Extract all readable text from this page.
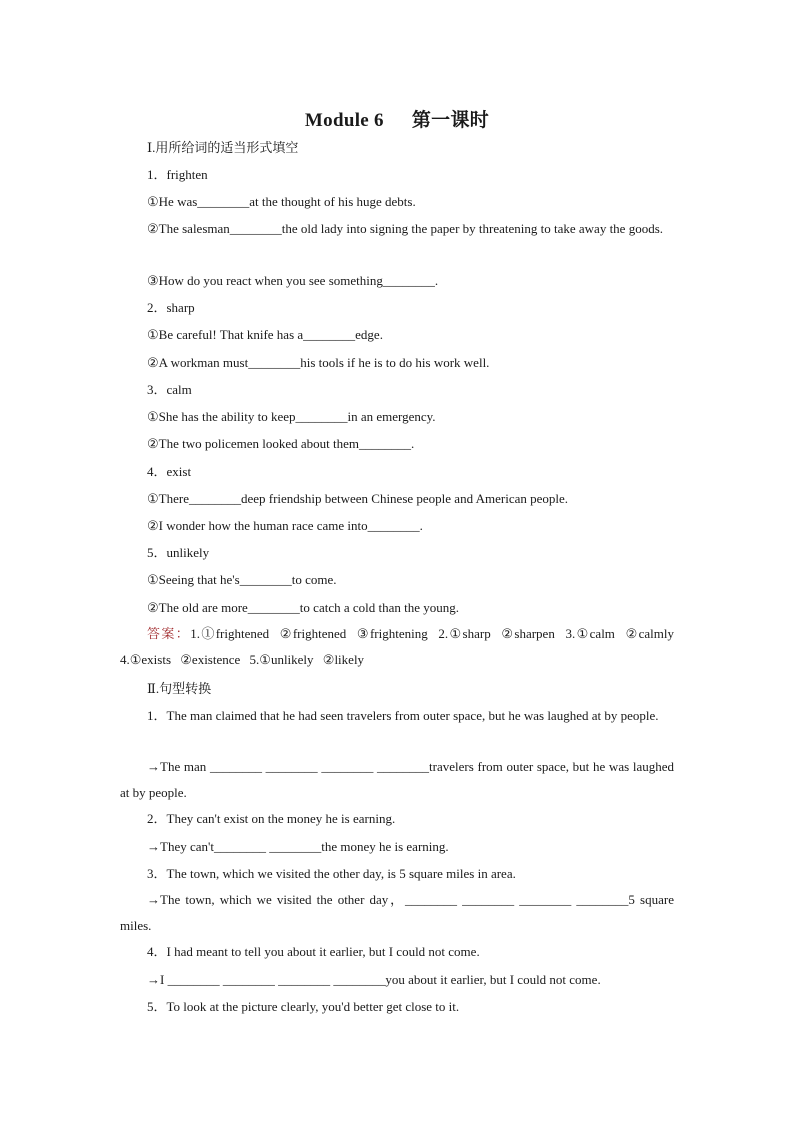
Module 6 第一课时
Ⅰ.用所给词的适当形式填空
1．frighten
①He was________at the thought of his huge debts.
②The salesman________the old lady into signing the paper by threatening to take away the goods.
③How do you react when you see something________.
2．sharp
①Be careful! That knife has a________edge.
②A workman must________his tools if he is to do his work well.
3．calm
①She has the ability to keep________in an emergency.
②The two policemen looked about them________.
4．exist
①There________deep friendship between Chinese people and American people.
②I wonder how the human race came into________.
5．unlikely
①Seeing that he's________to come.
②The old are more________to catch a cold than the young.
答案：1.①frightened ②frightened ③frightening 2.①sharp ②sharpen 3.①calm ②calmly 4.①exists ②existence 5.①unlikely ②likely
Ⅱ.句型转换
1．The man claimed that he had seen travelers from outer space, but he was laughed at by people.
→The man ________ ________ ________ ________travelers from outer space, but he was laughed at by people.
2．They can't exist on the money he is earning.
→They can't________ ________the money he is earning.
3．The town, which we visited the other day, is 5 square miles in area.
→The town, which we visited the other day，________ ________ ________ ________5 square miles.
4．I had meant to tell you about it earlier, but I could not come.
→I ________ ________ ________ ________you about it earlier, but I could not come.
5．To look at the picture clearly, you'd better get close to it.
